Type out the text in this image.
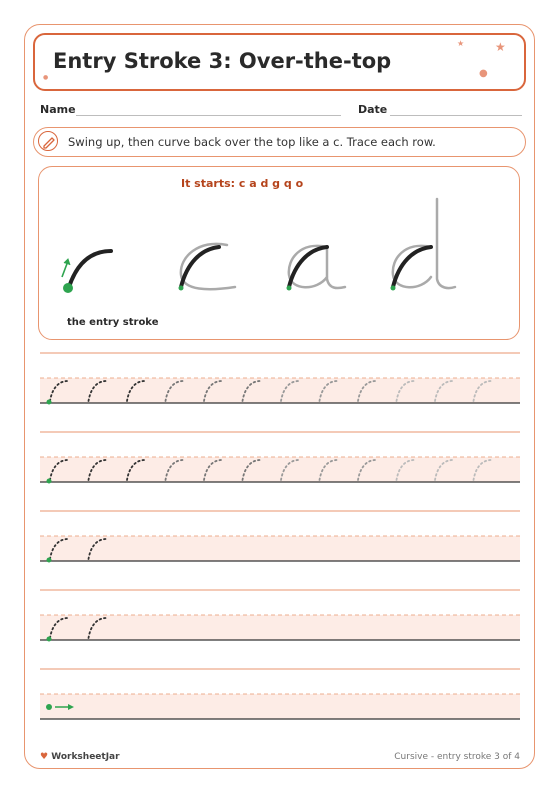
Entry Stroke 3: Over-the-top
★	★
●
●
Name	Date
Swing up, then curve back over the top like a c. Trace each row.
It starts: c a d g q o
the entry stroke
♥ WorksheetJar	Cursive - entry stroke 3 of 4
